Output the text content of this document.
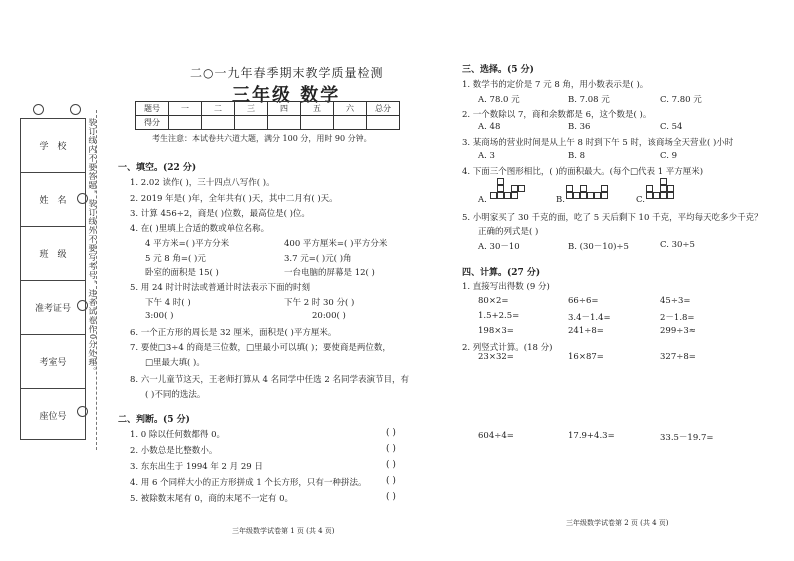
装订线内不要答题，装订线外不要写考号，违者试卷作0分处理。
学　校
姓　名
班　级
准考证号
考室号
座位号
二○一九年春季期末教学质量检测
三年级 数学
题号	一	二	三	四	五	六	总分
得分							
考生注意：本试卷共六道大题，满分 100 分，用时 90 分钟。
一、填空。(22 分)
1. 2.02 读作( )，三十四点八写作( )。
2. 2019 年是( )年，全年共有( )天，其中二月有( )天。
3. 计算 456÷2，商是( )位数，最高位是( )位。
4. 在( )里填上合适的数或单位名称。
4 平方米=( )平方分米	400 平方厘米=( )平方分米
5 元 8 角=( )元	3.7 元=( )元( )角
卧室的面积是 15( )	一台电脑的屏幕是 12( )
5. 用 24 时计时法或普通计时法表示下面的时刻
下午 4 时( )	下午 2 时 30 分( )
3:00( )	20:00( )
6. 一个正方形的周长是 32 厘米，面积是( )平方厘米。
7. 要使□3÷4 的商是三位数，□里最小可以填( )；要使商是两位数，
□里最大填( )。
8. 六一儿童节这天，王老师打算从 4 名同学中任选 2 名同学表演节目，有
( )不同的选法。
二、判断。(5 分)
1. 0 除以任何数都得 0。
2. 小数总是比整数小。
3. 东东出生于 1994 年 2 月 29 日
4. 用 6 个同样大小的正方形拼成 1 个长方形，只有一种拼法。
5. 被除数末尾有 0，商的末尾不一定有 0。
( )
( )
( )
( )
( )
三年级数学试卷第 1 页 (共 4 页)
三、选择。(5 分)
1. 数学书的定价是 7 元 8 角，用小数表示是( )。
A. 78.0 元	B. 7.08 元	C. 7.80 元
2. 一个数除以 7，商和余数都是 6，这个数是( )。
A. 48	B. 36	C. 54
3. 某商场的营业时间是从上午 8 时到下午 5 时，该商场全天营业( )小时
A. 3	B. 8	C. 9
4. 下面三个图形相比，( )的面积最大。(每个□代表 1 平方厘米)
A.	B.	C.
5. 小明家买了 30 千克的面，吃了 5 天后剩下 10 千克，平均每天吃多少千克？
正确的列式是( )
A. 30－10	B. (30－10)÷5	C. 30÷5
四、计算。(27 分)
1. 直接写出得数 (9 分)
80×2=	66÷6=	45÷3=
1.5+2.5=	3.4－1.4=	2－1.8=
198×3=	241÷8=	299÷3≈
2. 列竖式计算。(18 分)
23×32=	16×87=	327÷8=
604÷4=	17.9+4.3=	33.5－19.7=
三年级数学试卷第 2 页 (共 4 页)
